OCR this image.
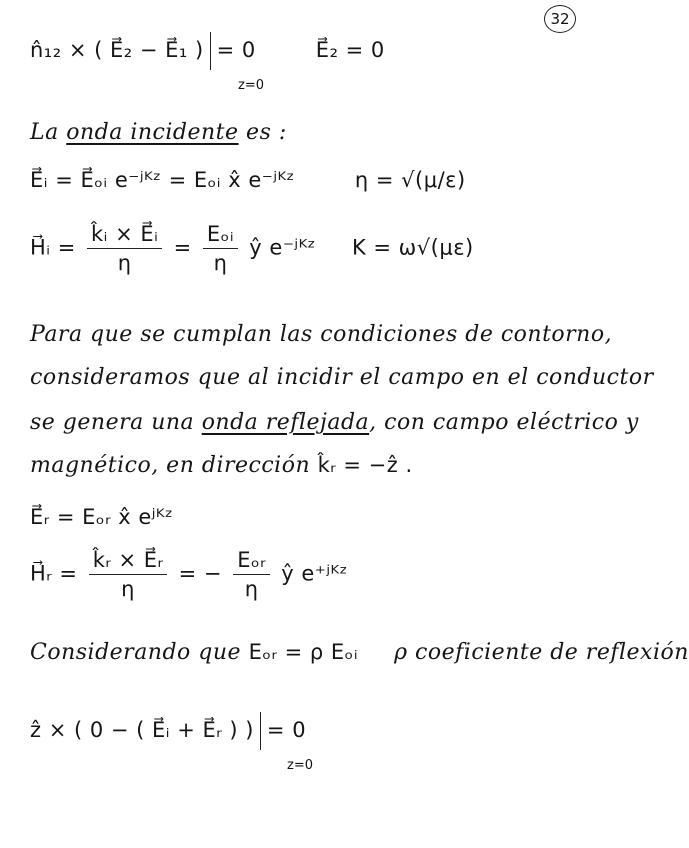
32
n̂₁₂ × ( E⃗₂ − E⃗₁ ) = 0	E⃗₂ = 0
z=0
La onda incidente es :
E⃗ᵢ = E⃗ₒᵢ e⁻ʲᴷᶻ = Eₒᵢ x̂ e⁻ʲᴷᶻ	η = √(μ/ε)
H⃗ᵢ = $\frac{\text{k̂ᵢ × E⃗ᵢ}}{\eta} = \frac{\text{Eₒᵢ}}{\eta}$ ŷ e⁻ʲᴷᶻ K = ω√(με)
Para que se cumplan las condiciones de contorno,
consideramos que al incidir el campo en el conductor
se genera una onda reflejada, con campo eléctrico y
magnético, en dirección k̂ᵣ = −ẑ .
E⃗ᵣ = Eₒᵣ x̂ eʲᴷᶻ
H⃗ᵣ = $\frac{\text{k̂ᵣ × E⃗ᵣ}}{\eta}$ = − $\frac{\text{Eₒᵣ}}{\eta}$ ŷ e⁺ʲᴷᶻ
Considerando que Eₒᵣ = ρ Eₒᵢ ρ coeficiente de reflexión
ẑ × ( 0 − ( E⃗ᵢ + E⃗ᵣ ) ) = 0
z=0
